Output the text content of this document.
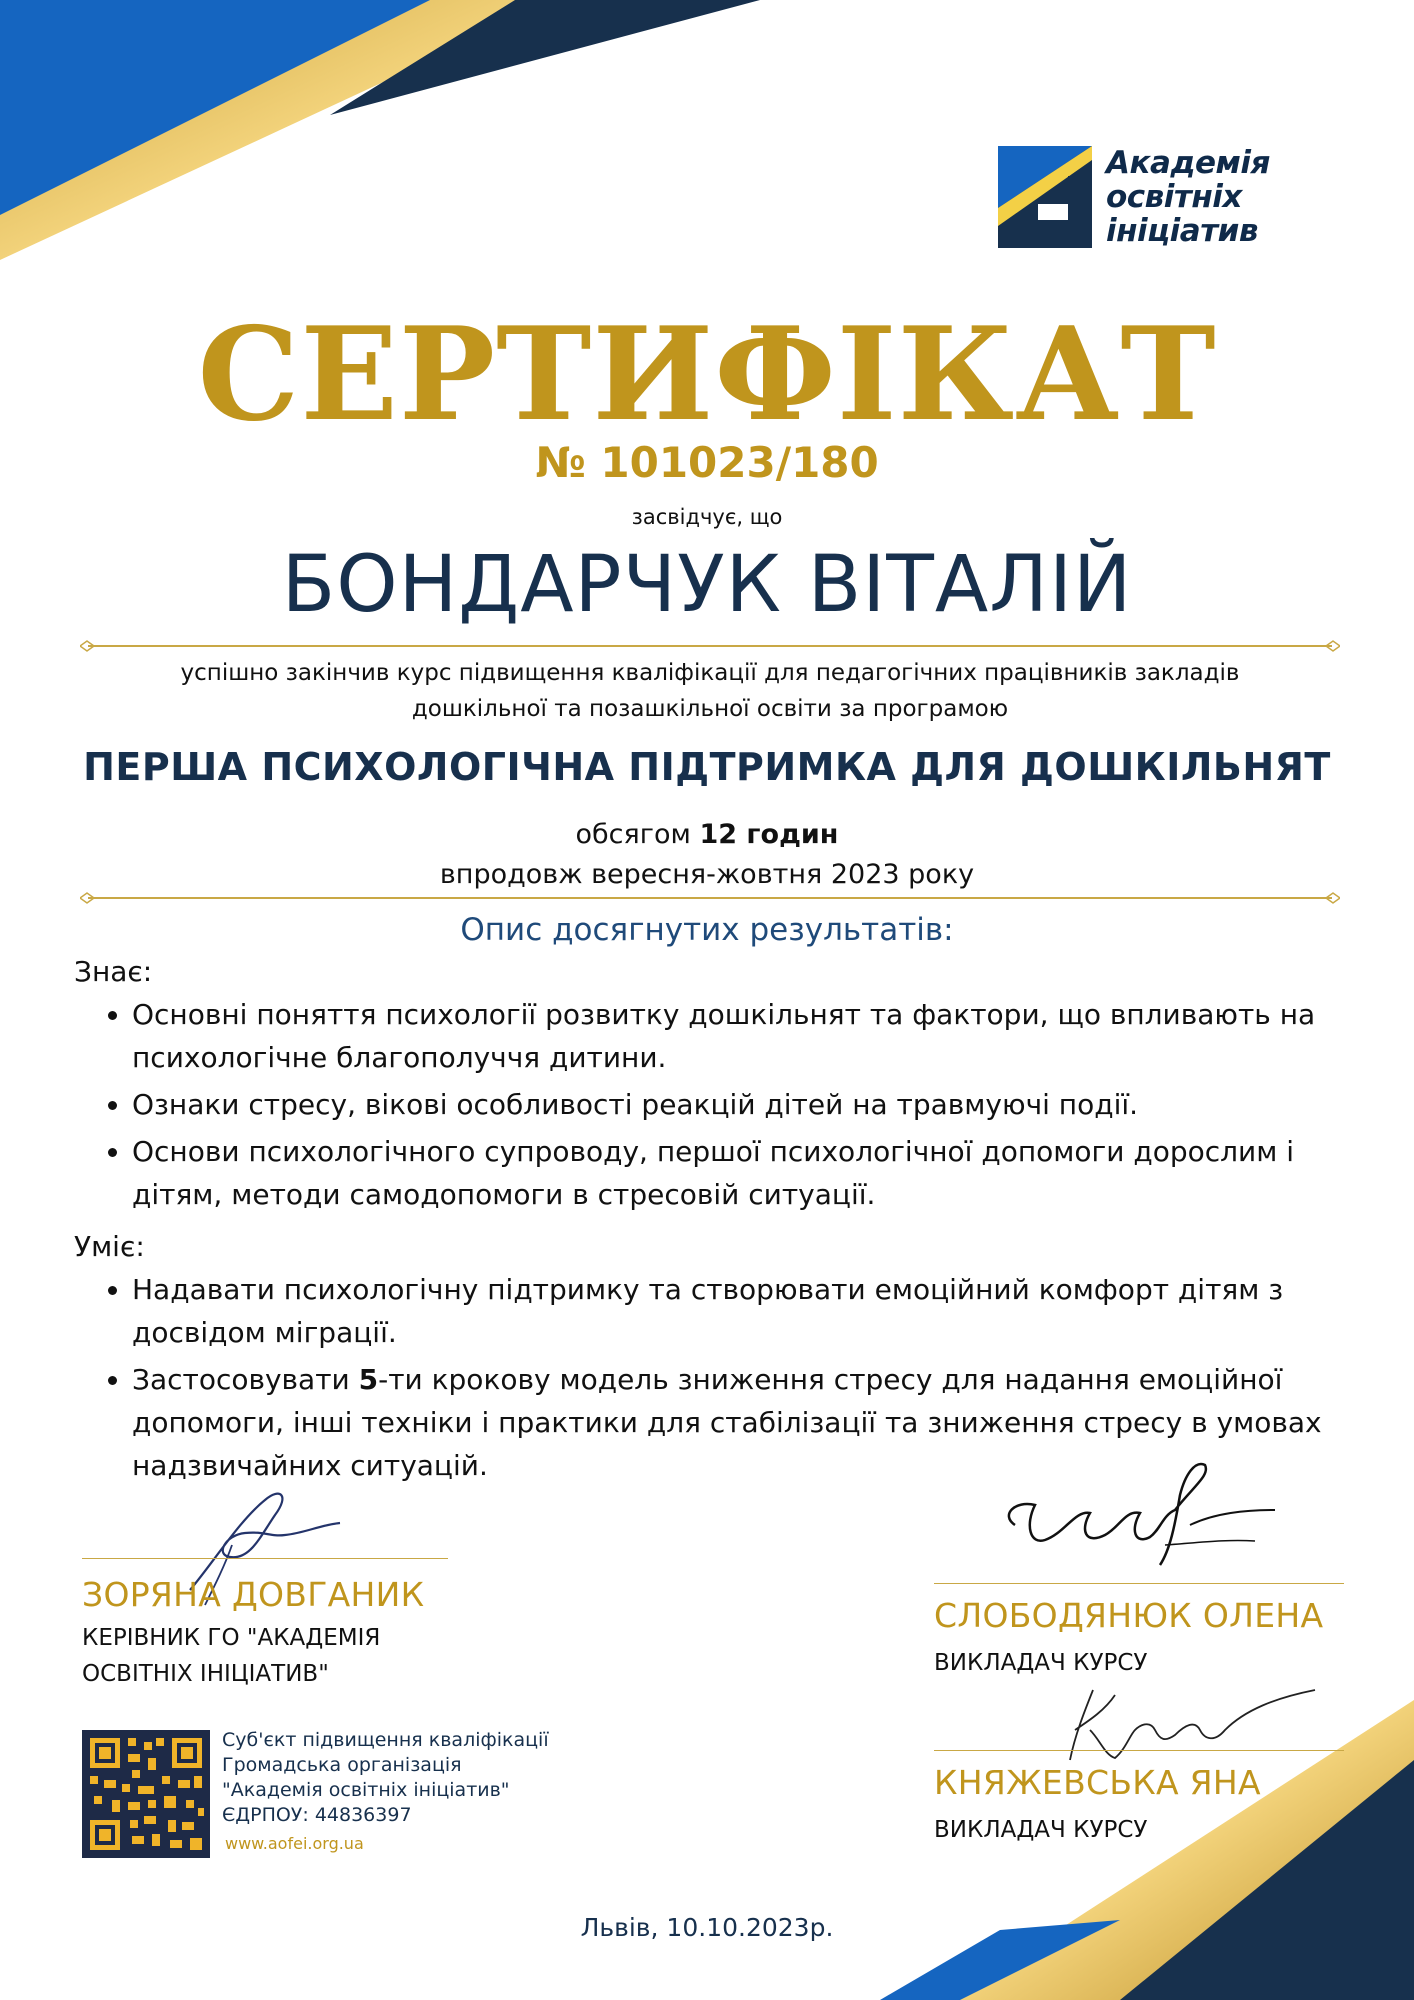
Академія
освітніх
ініціатив
СЕРТИФІКАТ
№ 101023/180
засвідчує, що
БОНДАРЧУК ВІТАЛІЙ
успішно закінчив курс підвищення кваліфікації для педагогічних працівників закладів
дошкільної та позашкільної освіти за програмою
ПЕРША ПСИХОЛОГІЧНА ПІДТРИМКА ДЛЯ ДОШКІЛЬНЯТ
обсягом 12 годин
впродовж вересня-жовтня 2023 року
Опис досягнутих результатів:
Знає:
• Основні поняття психології розвитку дошкільнят та фактори, що впливають на психологічне благополуччя дитини.
• Ознаки стресу, вікові особливості реакцій дітей на травмуючі події.
• Основи психологічного супроводу, першої психологічної допомоги дорослим і дітям, методи самодопомоги в стресовій ситуації.
Уміє:
• Надавати психологічну підтримку та створювати емоційний комфорт дітям з досвідом міграції.
• Застосовувати 5-ти крокову модель зниження стресу для надання емоційної допомоги, інші техніки і практики для стабілізації та зниження стресу в умовах надзвичайних ситуацій.
ЗОРЯНА ДОВГАНИК
КЕРІВНИК ГО "АКАДЕМІЯ
ОСВІТНІХ ІНІЦІАТИВ"
СЛОБОДЯНЮК ОЛЕНА
ВИКЛАДАЧ КУРСУ
КНЯЖЕВСЬКА ЯНА
ВИКЛАДАЧ КУРСУ
Суб'єкт підвищення кваліфікації
Громадська організація
"Академія освітніх ініціатив"
ЄДРПОУ: 44836397
www.aofei.org.ua
Львів, 10.10.2023р.
